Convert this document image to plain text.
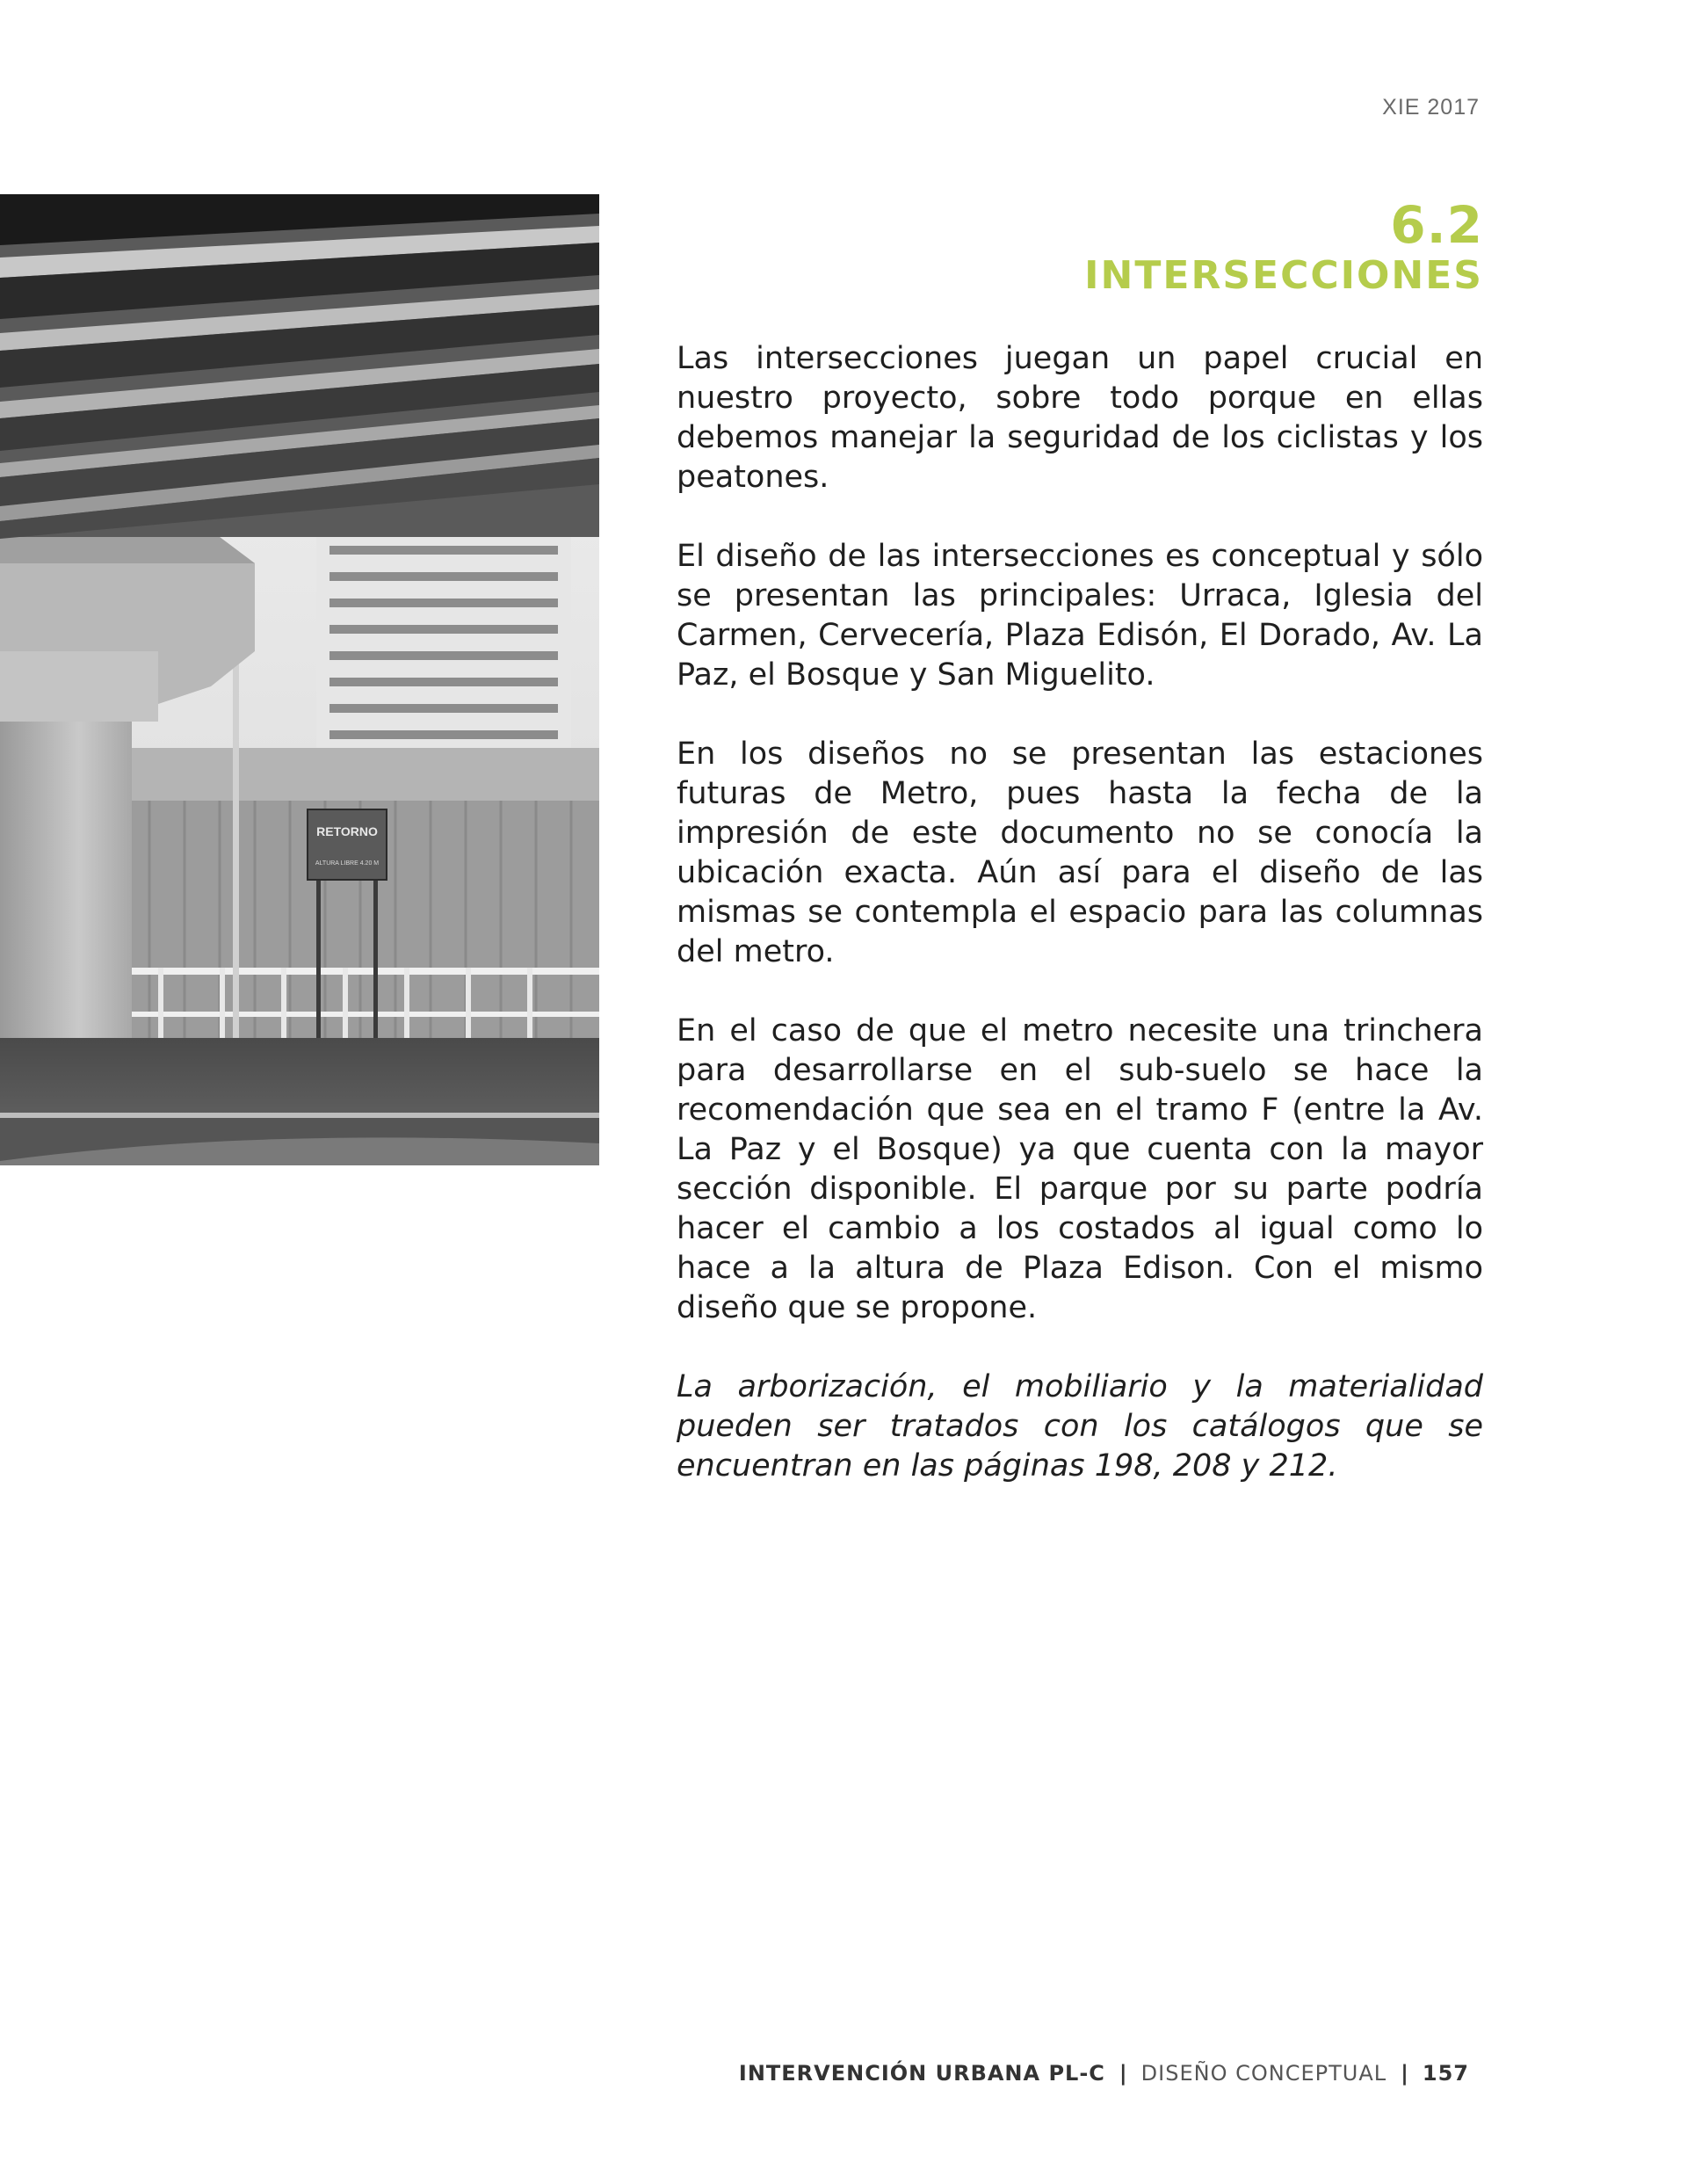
XIE 2017
RETORNO
ALTURA LIBRE 4.20 M
6.2
INTERSECCIONES

Las intersecciones juegan un papel crucial en nuestro proyecto, sobre todo porque en ellas debemos manejar la seguridad de los ciclistas y los peatones.

El diseño de las intersecciones es conceptual y sólo se presentan las principales: Urraca, Iglesia del Carmen, Cervecería, Plaza Edisón, El Dorado, Av. La Paz, el Bosque y San Miguelito.

En los diseños no se presentan las estaciones futuras de Metro, pues hasta la fecha de la impresión de este documento no se conocía la ubicación exacta. Aún así para el diseño de las mismas se contempla el espacio para las columnas del metro.

En el caso de que el metro necesite una trinchera para desarrollarse en el sub-suelo se hace la recomendación que sea en el tramo F (entre la Av. La Paz y el Bosque) ya que cuenta con la mayor sección disponible. El parque por su parte podría hacer el cambio a los costados al igual como lo hace a la altura de Plaza Edison. Con el mismo diseño que se propone.

La arborización, el mobiliario y la materialidad pueden ser tratados con los catálogos que se encuentran en las páginas 198, 208 y 212.

INTERVENCIÓN URBANA PL-C | DISEÑO CONCEPTUAL | 157
